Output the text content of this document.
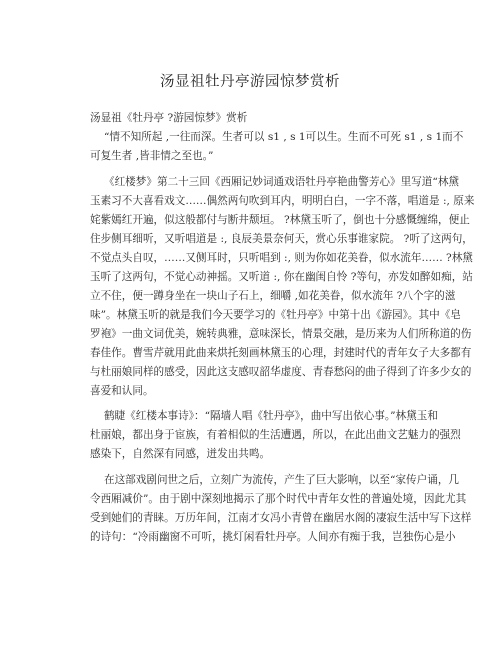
汤显祖牡丹亭游园惊梦赏析
汤显祖《牡丹亭 ?游园惊梦》赏析
“情不知所起 ,一往而深。生者可以 s1 , s 1可以生。生而不可死 s1 , s 1而不
可复生者 ,皆非情之至也。”
《红楼梦》第二十三回《西厢记妙词通戏语牡丹亭艳曲警芳心》里写道“林黛
玉素习不大喜看戏文……偶然两句吹到耳内，明明白白，一字不落，唱道是 :, 原来
姹紫嫣红开遍，似这般都付与断井颓垣。 ?林黛玉听了，倒也十分感慨缠绵，便止
住步侧耳细听，又听唱道是 :, 良辰美景奈何天，赏心乐事谁家院。 ?听了这两句，
不觉点头自叹，……又侧耳时，只听唱到 :, 则为你如花美眷，似水流年…… ?林黛
玉听了这两句，不觉心动神摇。又听道 :, 你在幽闺自怜 ?等句，亦发如醉如痴，站
立不住，便一蹲身坐在一块山子石上，细嚼 ,如花美眷，似水流年 ?八个字的滋
味”。林黛玉听的就是我们今天要学习的《牡丹亭》中第十出《游园》。其中《皂
罗袍》一曲文词优美，婉转典雅，意味深长，情景交融，是历来为人们所称道的伤
春佳作。曹雪芹就用此曲来烘托刻画林黛玉的心理，封建时代的青年女子大多都有
与杜丽娘同样的感受，因此这支感叹韶华虚度、青春愁闷的曲子得到了许多少女的
喜爱和认同。
鹤睫《红楼本事诗》：“隔墙人唱《牡丹亭》，曲中写出依心事。”林黛玉和
杜丽娘，都出身于宦族，有着相似的生活遭遇，所以，在此出曲文艺魅力的强烈
感染下，自然深有同感，迸发出共鸣。
在这部戏剧问世之后，立刻广为流传，产生了巨大影响，以至“家传户诵，几
令西厢减价”。由于剧中深刻地揭示了那个时代中青年女性的普遍处境，因此尤其
受到她们的青睐。万历年间，江南才女冯小青曾在幽居水阁的凄寂生活中写下这样
的诗句：“冷雨幽窗不可听，挑灯闲看牡丹亭。人间亦有痴于我，岂独伤心是小
